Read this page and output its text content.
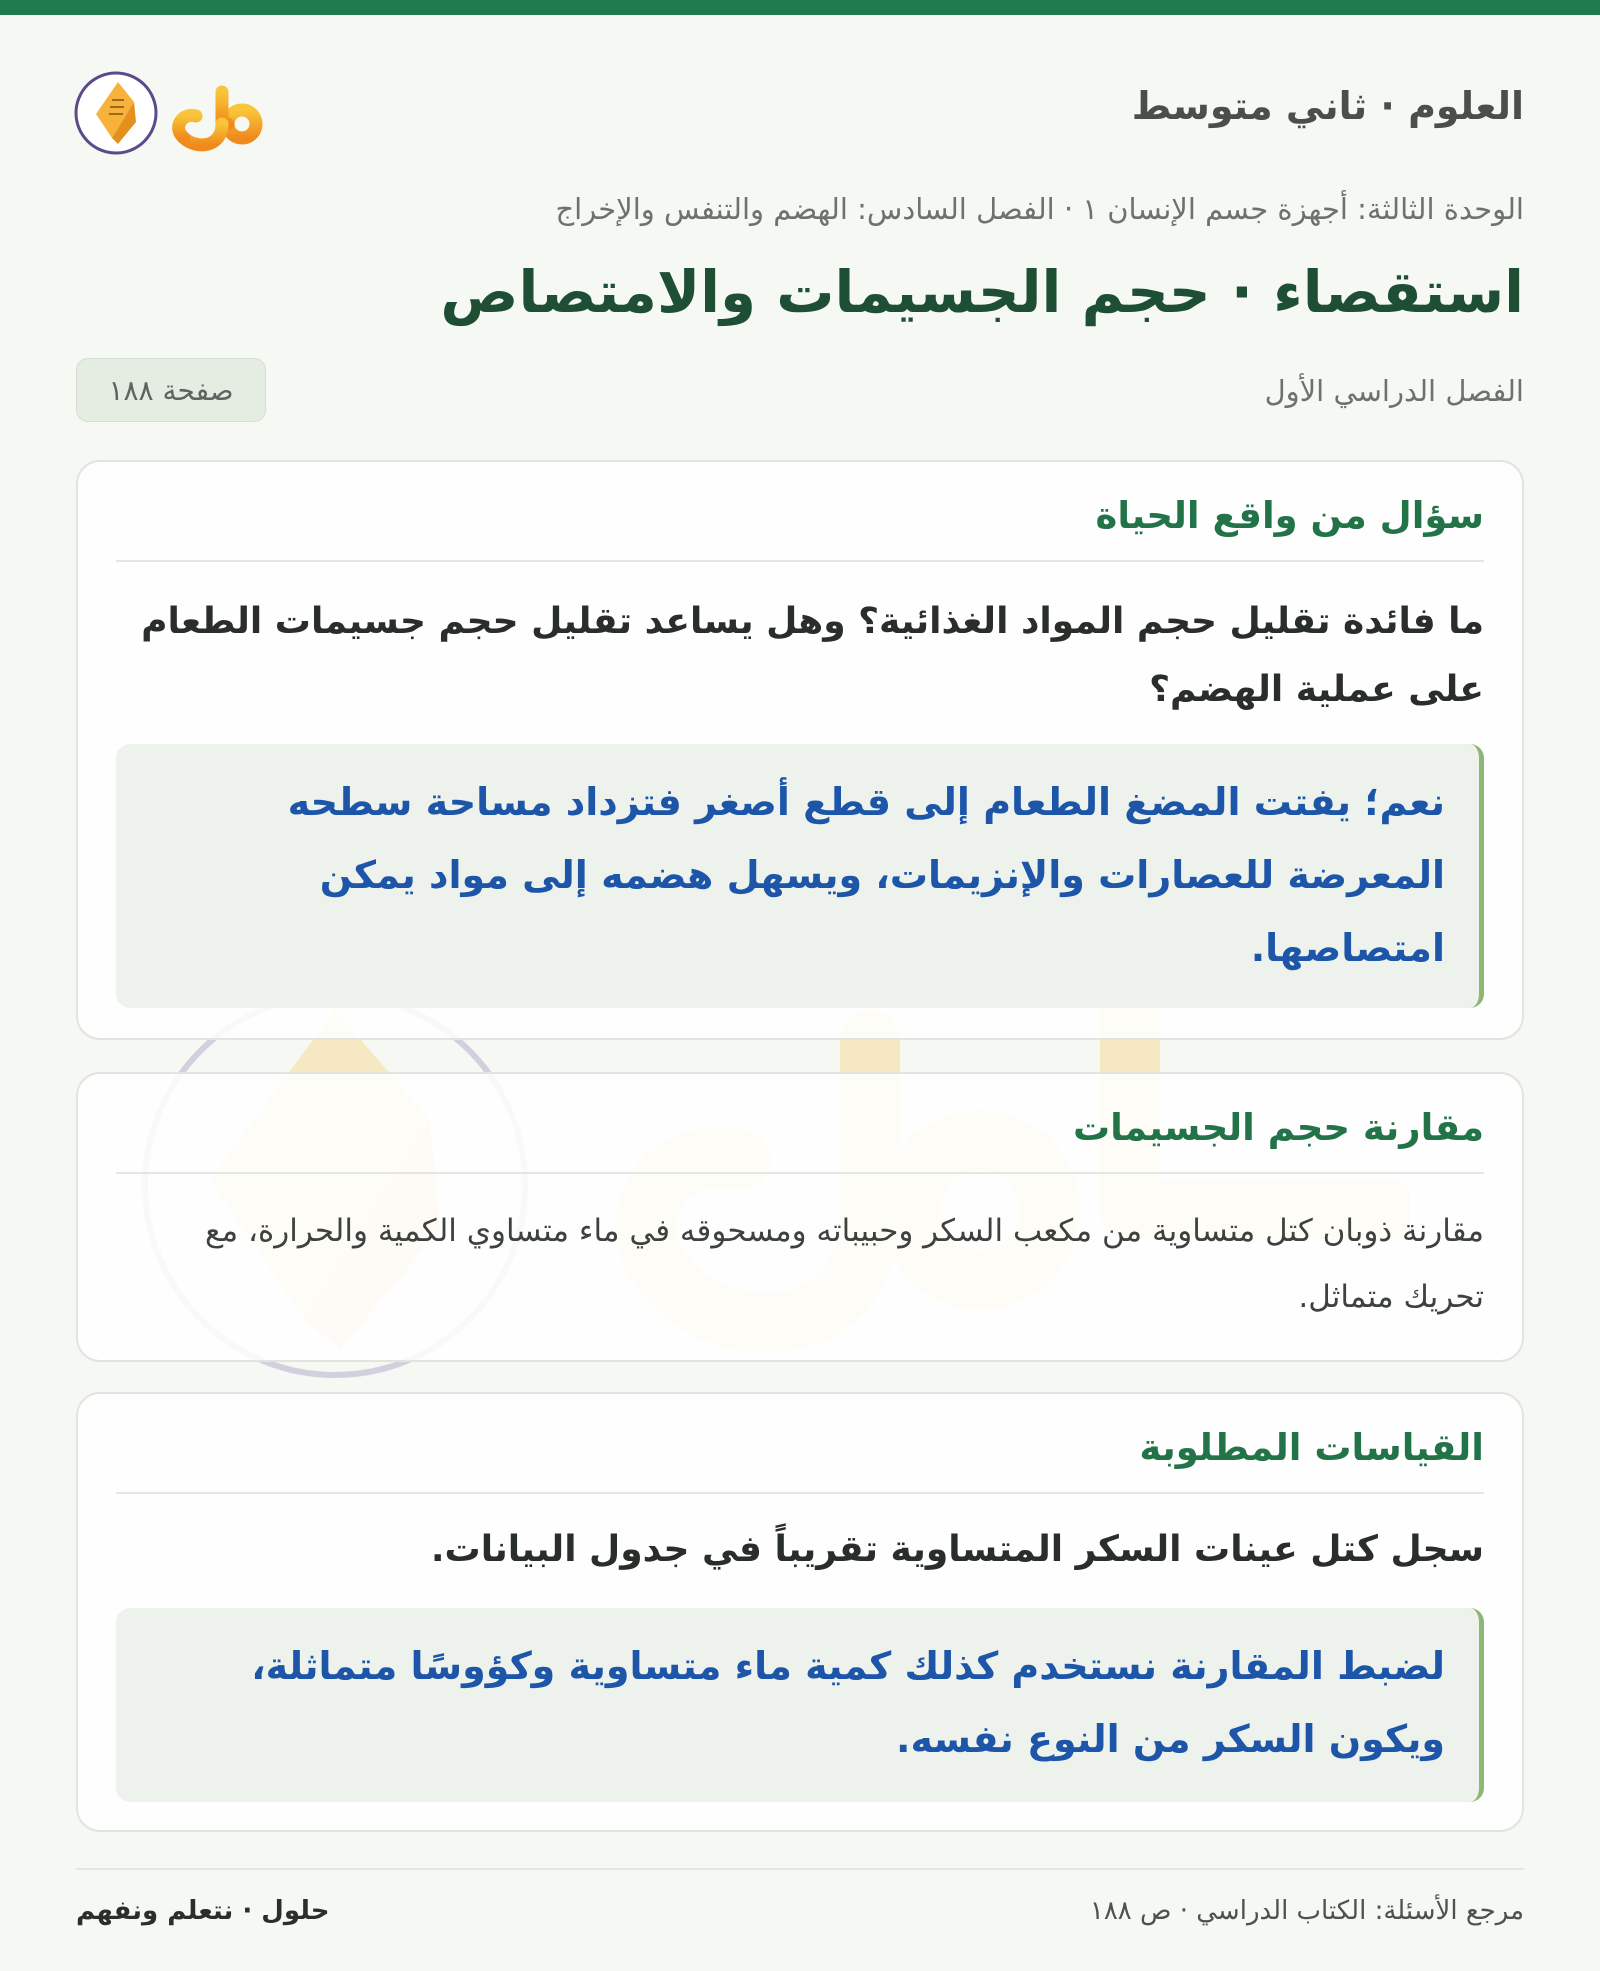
العلوم · ثاني متوسط

الوحدة الثالثة: أجهزة جسم الإنسان ١ · الفصل السادس: الهضم والتنفس والإخراج

استقصاء · حجم الجسيمات والامتصاص

الفصل الدراسي الأول

صفحة ١٨٨
سؤال من واقع الحياة

ما فائدة تقليل حجم المواد الغذائية؟ وهل يساعد تقليل حجم جسيمات الطعام على عملية الهضم؟

نعم؛ يفتت المضغ الطعام إلى قطع أصغر فتزداد مساحة سطحه المعرضة للعصارات والإنزيمات، ويسهل هضمه إلى مواد يمكن امتصاصها.

مقارنة حجم الجسيمات

مقارنة ذوبان كتل متساوية من مكعب السكر وحبيباته ومسحوقه في ماء متساوي الكمية والحرارة، مع تحريك متماثل.

القياسات المطلوبة

سجل كتل عينات السكر المتساوية تقريباً في جدول البيانات.

لضبط المقارنة نستخدم كذلك كمية ماء متساوية وكؤوسًا متماثلة، ويكون السكر من النوع نفسه.

مرجع الأسئلة: الكتاب الدراسي · ص ١٨٨

حلول · نتعلم ونفهم
